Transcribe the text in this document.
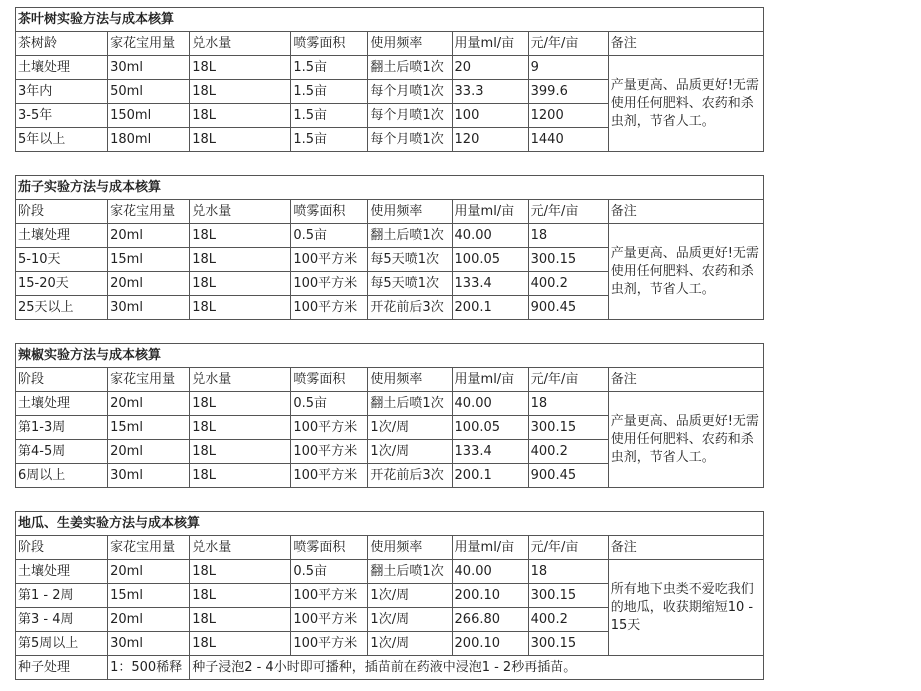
茶叶树实验方法与成本核算							
茶树龄	家花宝用量	兑水量	喷雾面积	使用频率	用量ml/亩	元/年/亩	备注
土壤处理	30ml	18L	1.5亩	翻土后喷1次	20	9	产量更高、品质更好!无需使用任何肥料、农药和杀虫剂，节省人工。
3年内	50ml	18L	1.5亩	每个月喷1次	33.3	399.6	
3-5年	150ml	18L	1.5亩	每个月喷1次	100	1200	
5年以上	180ml	18L	1.5亩	每个月喷1次	120	1440	
茄子实验方法与成本核算							
阶段	家花宝用量	兑水量	喷雾面积	使用频率	用量ml/亩	元/年/亩	备注
土壤处理	20ml	18L	0.5亩	翻土后喷1次	40.00	18	产量更高、品质更好!无需使用任何肥料、农药和杀虫剂，节省人工。
5-10天	15ml	18L	100平方米	每5天喷1次	100.05	300.15	
15-20天	20ml	18L	100平方米	每5天喷1次	133.4	400.2	
25天以上	30ml	18L	100平方米	开花前后3次	200.1	900.45	
辣椒实验方法与成本核算							
阶段	家花宝用量	兑水量	喷雾面积	使用频率	用量ml/亩	元/年/亩	备注
土壤处理	20ml	18L	0.5亩	翻土后喷1次	40.00	18	产量更高、品质更好!无需使用任何肥料、农药和杀虫剂，节省人工。
第1-3周	15ml	18L	100平方米	1次/周	100.05	300.15	
第4-5周	20ml	18L	100平方米	1次/周	133.4	400.2	
6周以上	30ml	18L	100平方米	开花前后3次	200.1	900.45	
地瓜、生姜实验方法与成本核算							
阶段	家花宝用量	兑水量	喷雾面积	使用频率	用量ml/亩	元/年/亩	备注
土壤处理	20ml	18L	0.5亩	翻土后喷1次	40.00	18	所有地下虫类不爱吃我们的地瓜，收获期缩短10 - 15天
第1 - 2周	15ml	18L	100平方米	1次/周	200.10	300.15	
第3 - 4周	20ml	18L	100平方米	1次/周	266.80	400.2	
第5周以上	30ml	18L	100平方米	1次/周	200.10	300.15	
种子处理	1：500稀释	种子浸泡2 - 4小时即可播种，插苗前在药液中浸泡1 - 2秒再插苗。					
